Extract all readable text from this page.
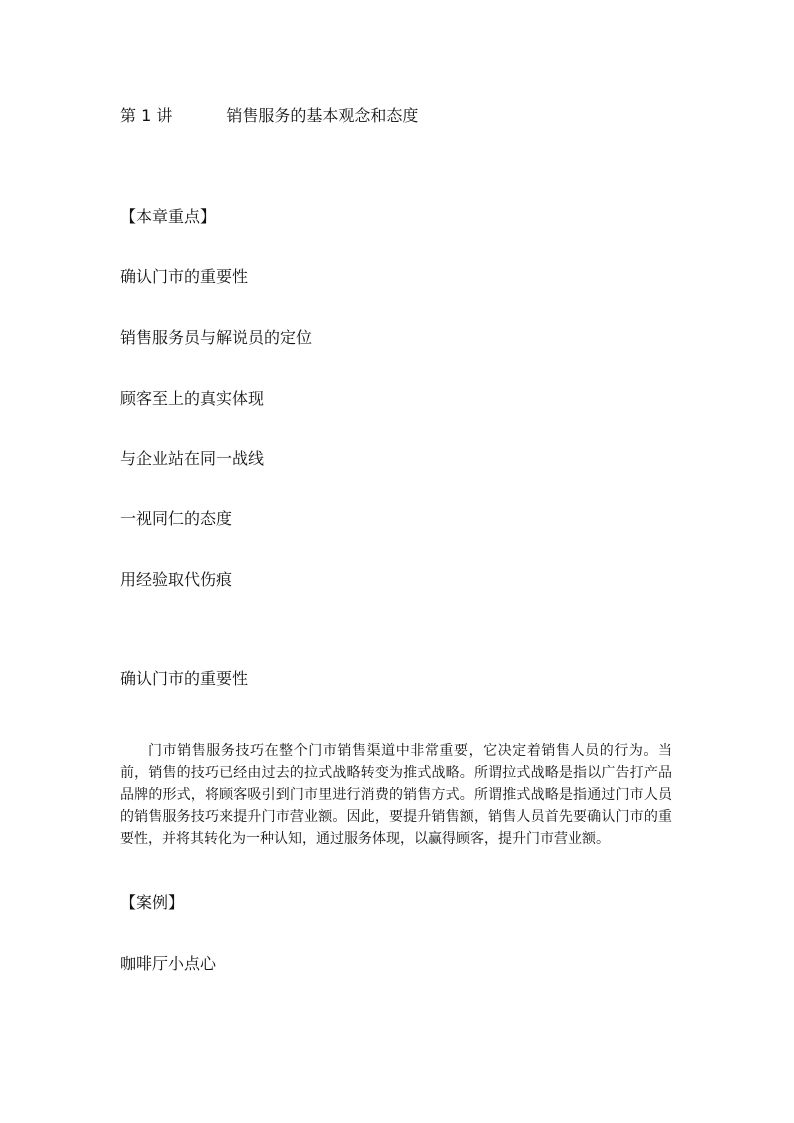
第 1 讲	销售服务的基本观念和态度
【本章重点】
确认门市的重要性
销售服务员与解说员的定位
顾客至上的真实体现
与企业站在同一战线
一视同仁的态度
用经验取代伤痕
确认门市的重要性
门市销售服务技巧在整个门市销售渠道中非常重要，它决定着销售人员的行为。当前，销售的技巧已经由过去的拉式战略转变为推式战略。所谓拉式战略是指以广告打产品品牌的形式，将顾客吸引到门市里进行消费的销售方式。所谓推式战略是指通过门市人员的销售服务技巧来提升门市营业额。因此，要提升销售额，销售人员首先要确认门市的重要性，并将其转化为一种认知，通过服务体现，以赢得顾客，提升门市营业额。
【案例】
咖啡厅小点心
